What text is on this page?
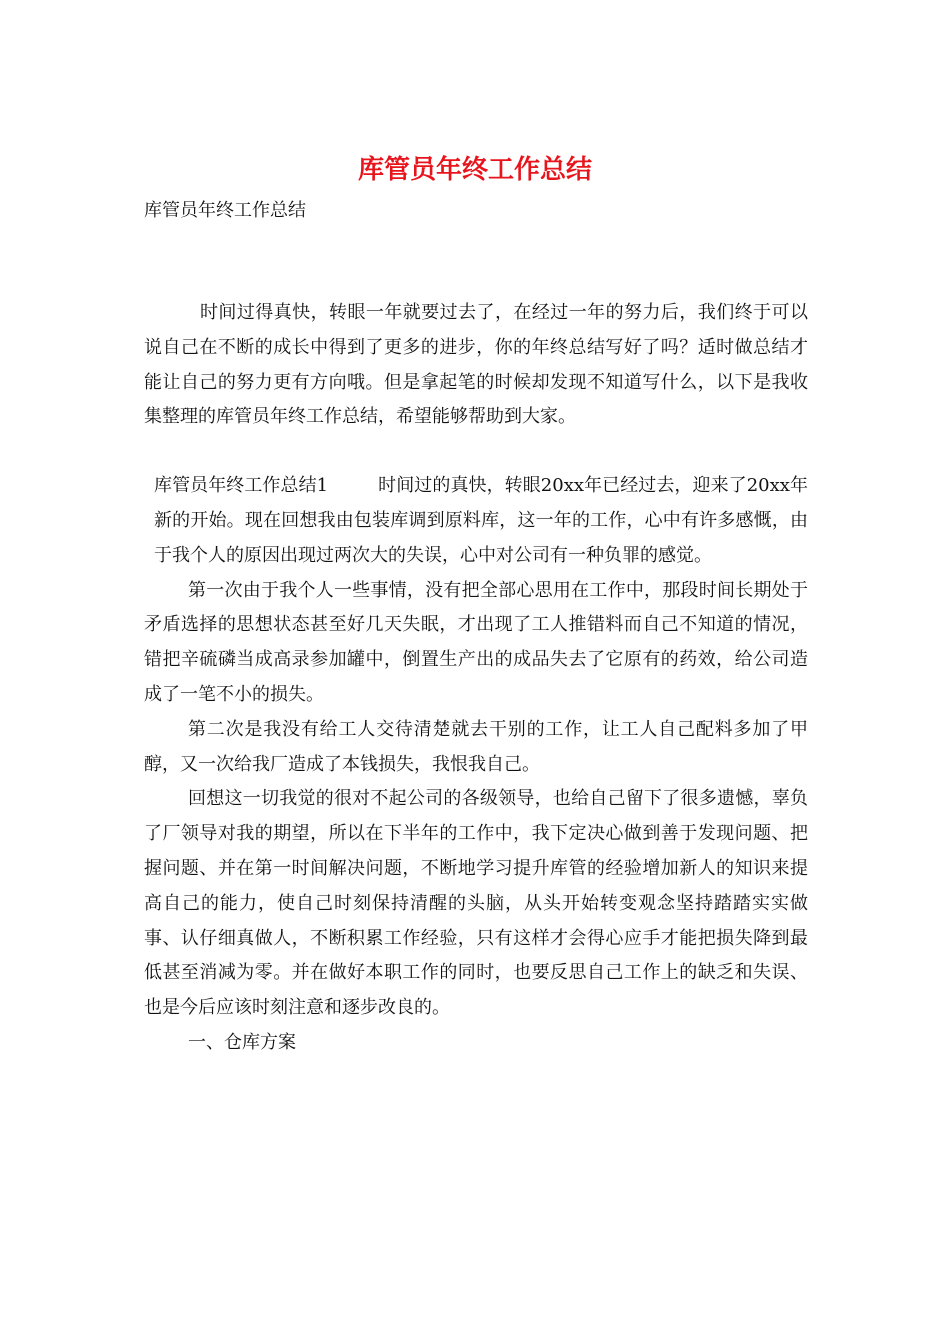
库管员年终工作总结
库管员年终工作总结

时间过得真快，转眼一年就要过去了，在经过一年的努力后，我们终于可以说自己在不断的成长中得到了更多的进步，你的年终总结写好了吗？适时做总结才能让自己的努力更有方向哦。但是拿起笔的时候却发现不知道写什么，以下是我收集整理的库管员年终工作总结，希望能够帮助到大家。

库管员年终工作总结1	时间过的真快，转眼20xx年已经过去，迎来了20xx年新的开始。现在回想我由包装库调到原料库，这一年的工作，心中有许多感慨，由于我个人的原因出现过两次大的失误，心中对公司有一种负罪的感觉。

第一次由于我个人一些事情，没有把全部心思用在工作中，那段时间长期处于矛盾选择的思想状态甚至好几天失眠，才出现了工人推错料而自己不知道的情况，错把辛硫磷当成高录参加罐中，倒置生产出的成品失去了它原有的药效，给公司造成了一笔不小的损失。

第二次是我没有给工人交待清楚就去干别的工作，让工人自己配料多加了甲醇，又一次给我厂造成了本钱损失，我恨我自己。

回想这一切我觉的很对不起公司的各级领导，也给自己留下了很多遗憾，辜负了厂领导对我的期望，所以在下半年的工作中，我下定决心做到善于发现问题、把握问题、并在第一时间解决问题，不断地学习提升库管的经验增加新人的知识来提高自己的能力，使自己时刻保持清醒的头脑，从头开始转变观念坚持踏踏实实做事、认仔细真做人，不断积累工作经验，只有这样才会得心应手才能把损失降到最低甚至消减为零。并在做好本职工作的同时，也要反思自己工作上的缺乏和失误、也是今后应该时刻注意和逐步改良的。

一、仓库方案
